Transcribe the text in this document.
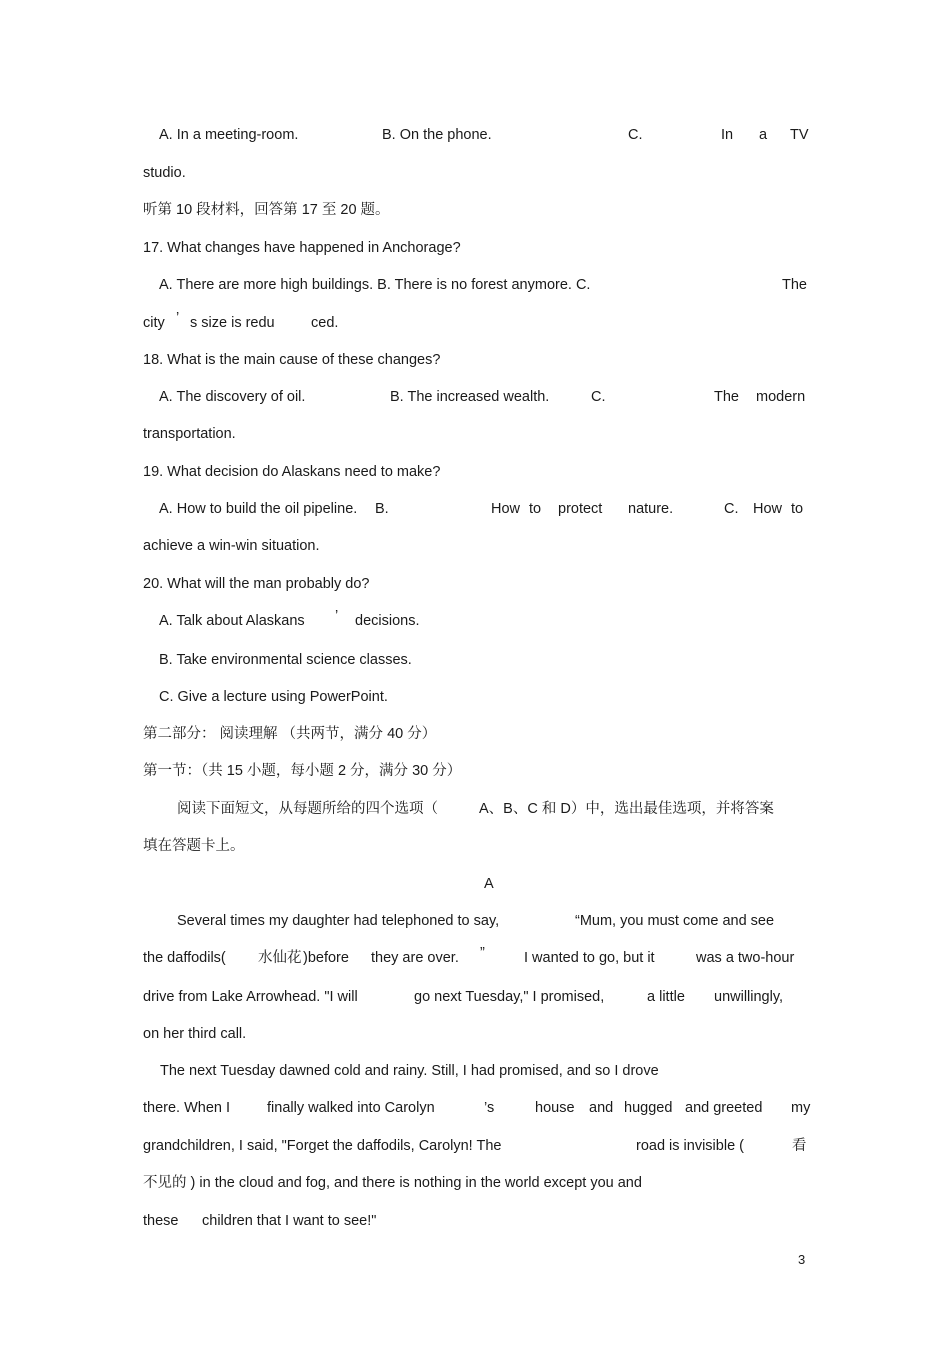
A. In a meeting-room.	B. On the phone.	C.	In a TV
studio.
听第 10 段材料，回答第 17 至 20 题。
17. What changes have happened in Anchorage?
A. There are more high buildings. B. There is no forest anymore. C.	The
city ’ s size is redu	ced.
18. What is the main cause of these changes?
A. The discovery of oil.	B. The increased wealth.	C.	The modern
transportation.
19. What decision do Alaskans need to make?
A. How to build the oil pipeline. B.	How to protect nature.	C. How to
achieve a win-win situation.
20. What will the man probably do?
A. Talk about Alaskans ’ decisions.
B. Take environmental science classes.
C. Give a lecture using PowerPoint.
第二部分： 阅读理解 （共两节，满分 40 分）
第一节：（共 15 小题，每小题 2 分，满分 30 分）
阅读下面短文，从每题所给的四个选项（	A、B、C 和 D）中，选出最佳选项，并将答案
填在答题卡上。
A
Several times my daughter had telephoned to say,	“Mum, you must come and see
the daffodils( 水仙花 )before they are over. ”	I wanted to go, but it	was a two-hour
drive from Lake Arrowhead. "I will	go next Tuesday," I promised,	a little unwillingly,
on her third call.
The next Tuesday dawned cold and rainy. Still, I had promised, and so I drove
there. When I	finally walked into Carolyn	’s	house and hugged and greeted my
grandchildren, I said, "Forget the daffodils, Carolyn! The	road is invisible (	看
不见的 ) in the cloud and fog, and there is nothing in the world except you and
these children that I want to see!"
3
